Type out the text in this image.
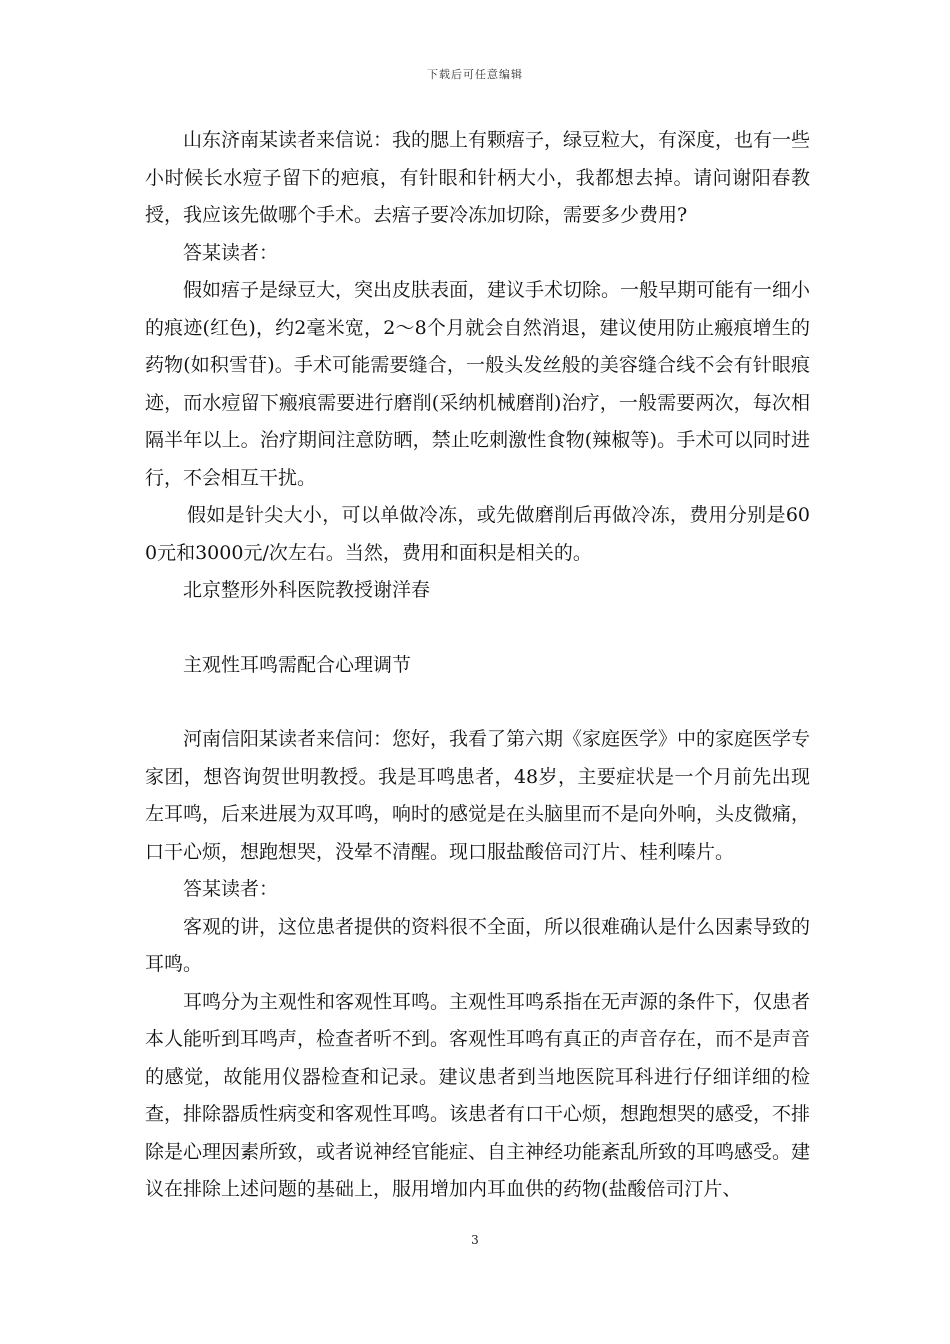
下载后可任意编辑

山东济南某读者来信说：我的腮上有颗痦子，绿豆粒大，有深度，也有一些小时候长水痘子留下的疤痕，有针眼和针柄大小，我都想去掉。请问谢阳春教授，我应该先做哪个手术。去痦子要冷冻加切除，需要多少费用?

答某读者：

假如痦子是绿豆大，突出皮肤表面，建议手术切除。一般早期可能有一细小的痕迹(红色)，约2毫米宽，2～8个月就会自然消退，建议使用防止瘢痕增生的药物(如积雪苷)。手术可能需要缝合，一般头发丝般的美容缝合线不会有针眼痕迹，而水痘留下瘢痕需要进行磨削(采纳机械磨削)治疗，一般需要两次，每次相隔半年以上。治疗期间注意防晒，禁止吃刺激性食物(辣椒等)。手术可以同时进行，不会相互干扰。

假如是针尖大小，可以单做冷冻，或先做磨削后再做冷冻，费用分别是600元和3000元/次左右。当然，费用和面积是相关的。

北京整形外科医院教授谢洋春

主观性耳鸣需配合心理调节

河南信阳某读者来信问：您好，我看了第六期《家庭医学》中的家庭医学专家团，想咨询贺世明教授。我是耳鸣患者，48岁，主要症状是一个月前先出现左耳鸣，后来进展为双耳鸣，响时的感觉是在头脑里而不是向外响，头皮微痛，口干心烦，想跑想哭，没晕不清醒。现口服盐酸倍司汀片、桂利嗪片。

答某读者：

客观的讲，这位患者提供的资料很不全面，所以很难确认是什么因素导致的耳鸣。

耳鸣分为主观性和客观性耳鸣。主观性耳鸣系指在无声源的条件下，仅患者本人能听到耳鸣声，检查者听不到。客观性耳鸣有真正的声音存在，而不是声音的感觉，故能用仪器检查和记录。建议患者到当地医院耳科进行仔细详细的检查，排除器质性病变和客观性耳鸣。该患者有口干心烦，想跑想哭的感受，不排除是心理因素所致，或者说神经官能症、自主神经功能紊乱所致的耳鸣感受。建议在排除上述问题的基础上，服用增加内耳血供的药物(盐酸倍司汀片、

3
